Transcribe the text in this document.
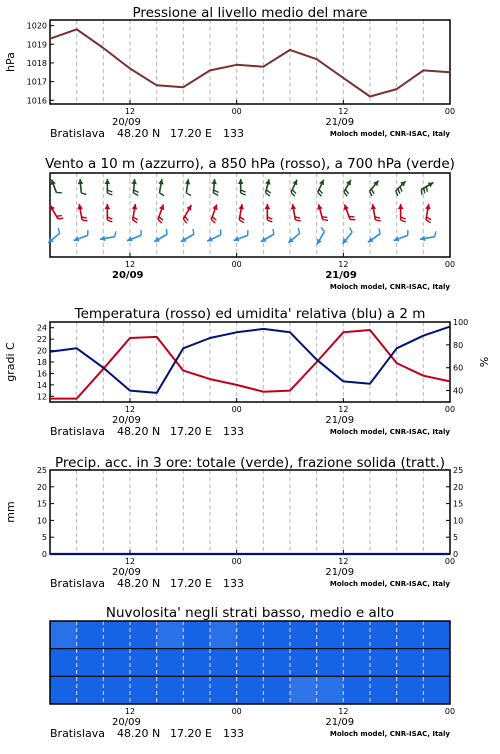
12	00	12	00
20/09	21/09
Bratislava 48.20 N 17.20 E 133	Moloch model, CNR-ISAC, Italy
1016
1017
1018
1019
1020
hPa
Pressione al livello medio del mare
12	00	12	00
20/09	21/09
Moloch model, CNR-ISAC, Italy
Vento a 10 m (azzurro), a 850 hPa (rosso), a 700 hPa (verde)
12	00	12	00
20/09	21/09
Bratislava 48.20 N 17.20 E 133	Moloch model, CNR-ISAC, Italy
12
14
16
18
20
22
24
40
60
80
100
gradi C	%
Temperatura (rosso) ed umidita' relativa (blu) a 2 m
12	00	12	00
20/09	21/09
Bratislava 48.20 N 17.20 E 133	Moloch model, CNR-ISAC, Italy
0
5
10
15
20
25
0
5
10
15
20
25
mm
Precip. acc. in 3 ore: totale (verde), frazione solida (tratt.)
12	00	12	00
20/09	21/09
Bratislava 48.20 N 17.20 E 133	Moloch model, CNR-ISAC, Italy
Nuvolosita' negli strati basso, medio e alto
